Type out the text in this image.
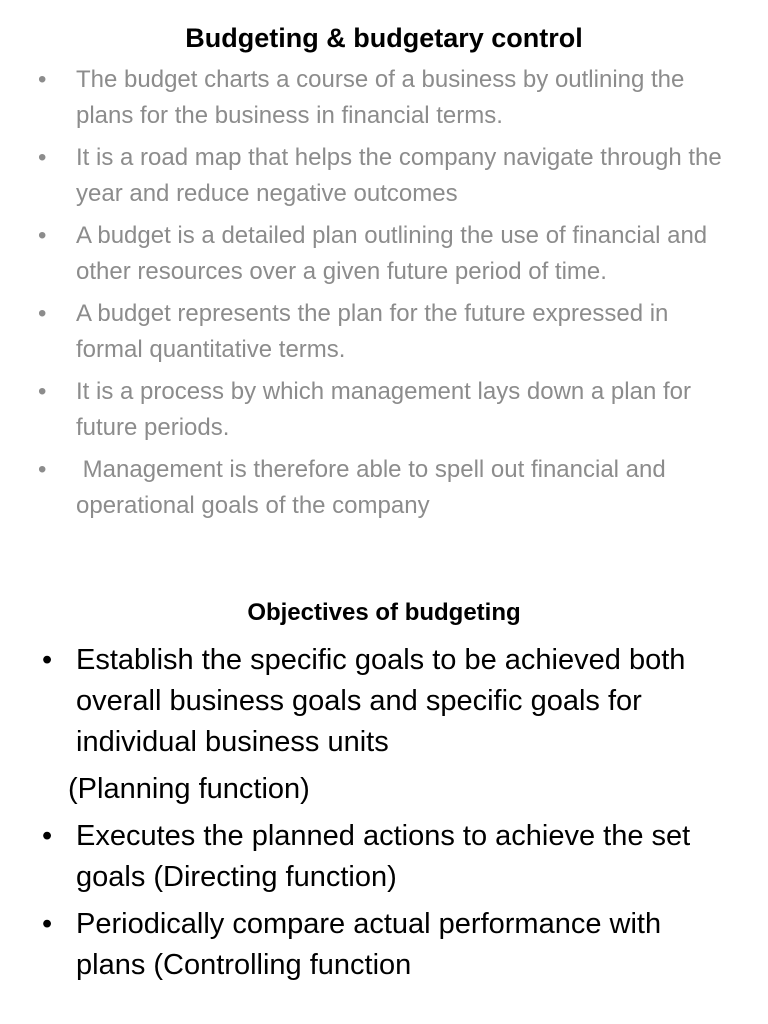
Budgeting & budgetary control
•	The budget charts a course of a business by outlining the plans for the business in financial terms.
•	It is a road map that helps the company navigate through the year and reduce negative outcomes
•	A budget is a detailed plan outlining the use of financial and other resources over a given future period of time.
•	A budget represents the plan for the future expressed in formal quantitative terms.
•	It is a process by which management lays down a plan for future periods.
•	Management is therefore able to spell out financial and operational goals of the company
Objectives of budgeting
• Establish the specific goals to be achieved both overall business goals and specific goals for individual business units
(Planning function)
• Executes the planned actions to achieve the set goals (Directing function)
• Periodically compare actual performance with plans (Controlling function
